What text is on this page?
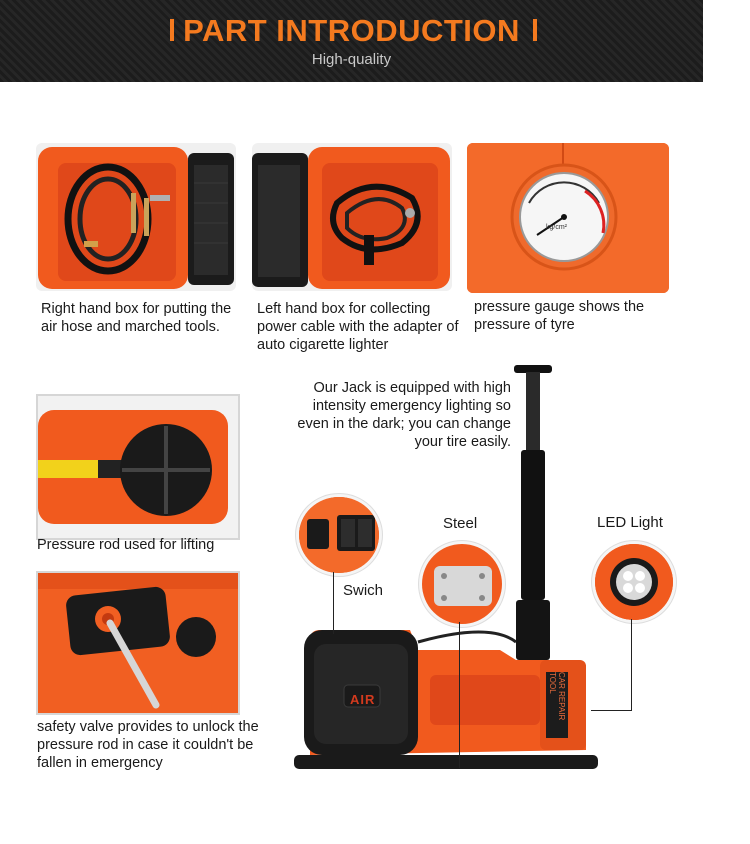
PART INTRODUCTION
High-quality
Right hand box for putting the air hose and marched tools.
Left hand box for collecting power cable with the adapter of auto cigarette lighter
kg/cm²
pressure gauge shows the pressure of tyre
Our Jack is equipped with high intensity emergency lighting so even in the dark; you can change your tire easily.
Pressure rod used for lifting
safety valve provides to unlock the pressure rod in case it couldn't be fallen in emergency
AIR	CAR REPAIR TOOL
Swich
Steel	LED Light
